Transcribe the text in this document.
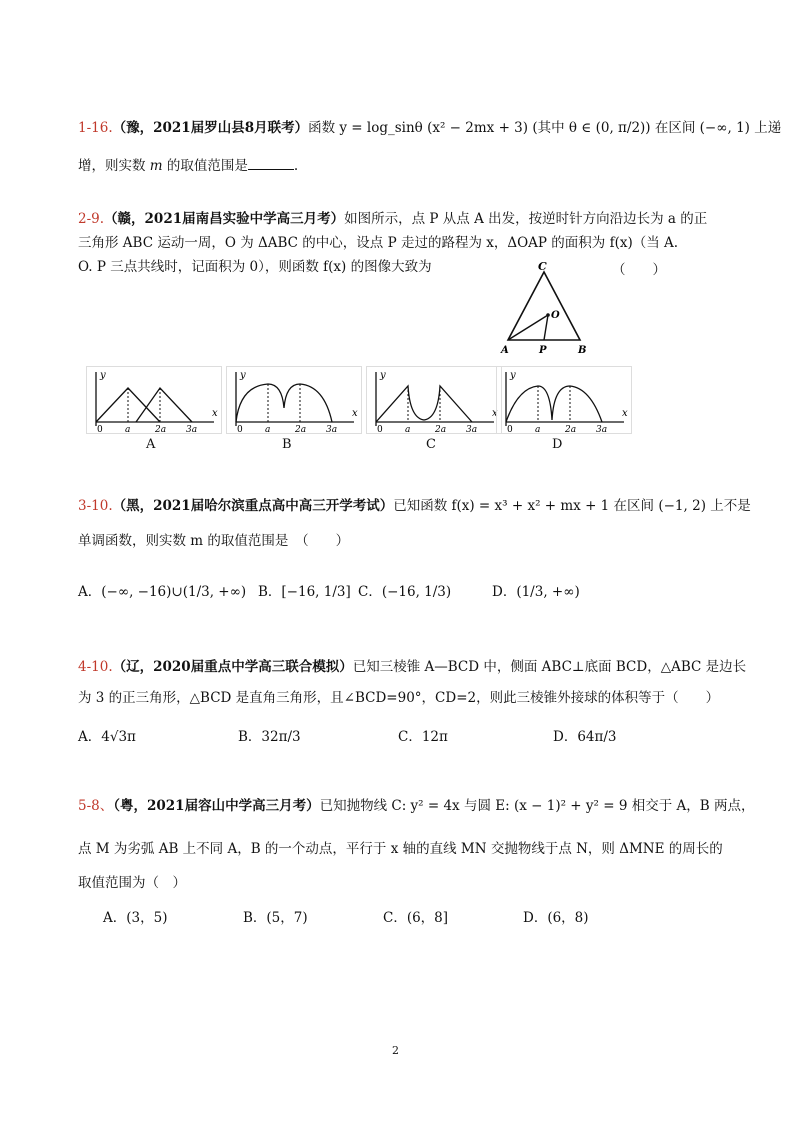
1-16.（豫，2021届罗山县8月联考）函数 y = log_sinθ (x² − 2mx + 3) (其中 θ ∈ (0, π/2)) 在区间 (−∞, 1) 上递
增，则实数 m 的取值范围是	.
2-9.（赣，2021届南昌实验中学高三月考）如图所示，点 P 从点 A 出发，按逆时针方向沿边长为 a 的正
三角形 ABC 运动一周，O 为 ΔABC 的中心，设点 P 走过的路程为 x，ΔOAP 的面积为 f(x)（当 A.
O. P 三点共线时，记面积为 0），则函数 f(x) 的图像大致为	（　　）
C
O
A	P	B
y
x
0 a	2a 3a
A
y
x
0 a	2a 3a
B
y
x
0 a	2a 3a
C
y
x
0 a	2a 3a
D
3-10.（黑，2021届哈尔滨重点高中高三开学考试）已知函数 f(x) = x³ + x² + mx + 1 在区间 (−1, 2) 上不是
单调函数，则实数 m 的取值范围是　（　　）
A．(−∞, −16)∪(1/3, +∞) B．[−16, 1/3] C．(−16, 1/3)	D．(1/3, +∞)
4-10.（辽，2020届重点中学高三联合模拟）已知三棱锥 A—BCD 中，侧面 ABC⊥底面 BCD，△ABC 是边长
为 3 的正三角形，△BCD 是直角三角形，且∠BCD=90°，CD=2，则此三棱锥外接球的体积等于（　　）
A．4√3π	B．32π/3	C．12π	D．64π/3
5-8、（粤，2021届容山中学高三月考）已知抛物线 C: y² = 4x 与圆 E: (x − 1)² + y² = 9 相交于 A，B 两点，
点 M 为劣弧 AB 上不同 A，B 的一个动点，平行于 x 轴的直线 MN 交抛物线于点 N，则 ΔMNE 的周长的
取值范围为（　）
A．(3，5)	B．(5，7)	C．(6，8]	D．(6，8)
2
